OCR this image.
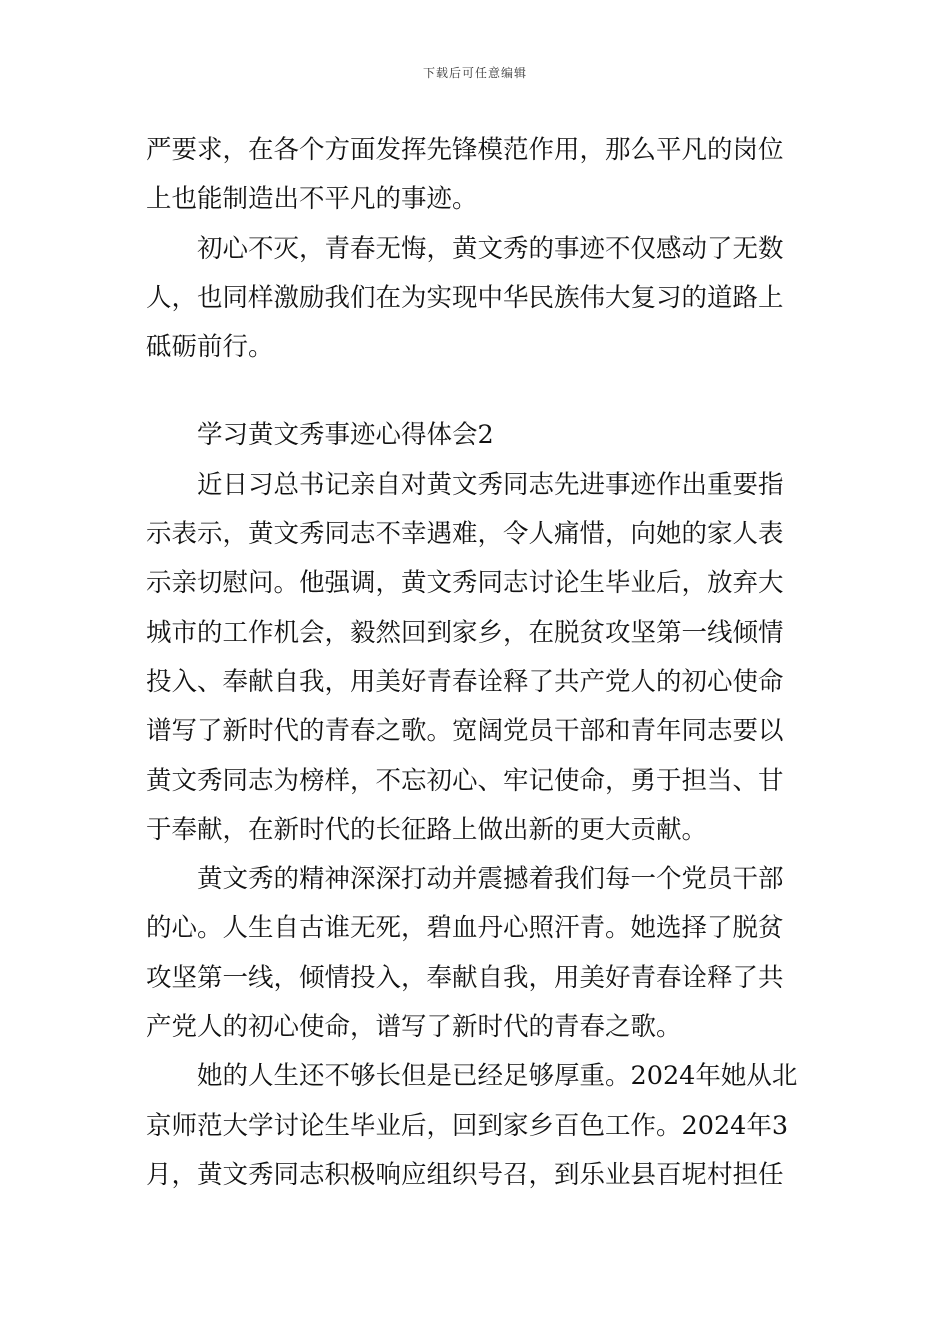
下载后可任意编辑
严要求，在各个方面发挥先锋模范作用，那么平凡的岗位
上也能制造出不平凡的事迹。
初心不灭，青春无悔，黄文秀的事迹不仅感动了无数
人，也同样激励我们在为实现中华民族伟大复习的道路上
砥砺前行。
学习黄文秀事迹心得体会2
近日习总书记亲自对黄文秀同志先进事迹作出重要指
示表示，黄文秀同志不幸遇难，令人痛惜，向她的家人表
示亲切慰问。他强调，黄文秀同志讨论生毕业后，放弃大
城市的工作机会，毅然回到家乡，在脱贫攻坚第一线倾情
投入、奉献自我，用美好青春诠释了共产党人的初心使命
谱写了新时代的青春之歌。宽阔党员干部和青年同志要以
黄文秀同志为榜样，不忘初心、牢记使命，勇于担当、甘
于奉献，在新时代的长征路上做出新的更大贡献。
黄文秀的精神深深打动并震撼着我们每一个党员干部
的心。人生自古谁无死，碧血丹心照汗青。她选择了脱贫
攻坚第一线，倾情投入，奉献自我，用美好青春诠释了共
产党人的初心使命，谱写了新时代的青春之歌。
她的人生还不够长但是已经足够厚重。2024年她从北
京师范大学讨论生毕业后，回到家乡百色工作。2024年3
月，黄文秀同志积极响应组织号召，到乐业县百坭村担任
